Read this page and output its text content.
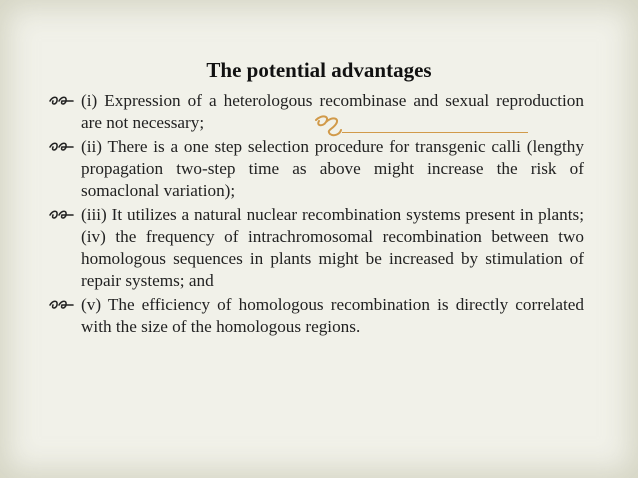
The potential advantages
(i) Expression of a heterologous recombinase and sexual reproduction are not necessary;
(ii) There is a one step selection procedure for transgenic calli (lengthy propagation two-step time as above might increase the risk of somaclonal variation);
(iii) It utilizes a natural nuclear recombination systems present in plants; (iv) the frequency of intrachromosomal recombination between two homologous sequences in plants might be increased by stimulation of repair systems; and
(v) The efficiency of homologous recombination is directly correlated with the size of the homologous regions.
